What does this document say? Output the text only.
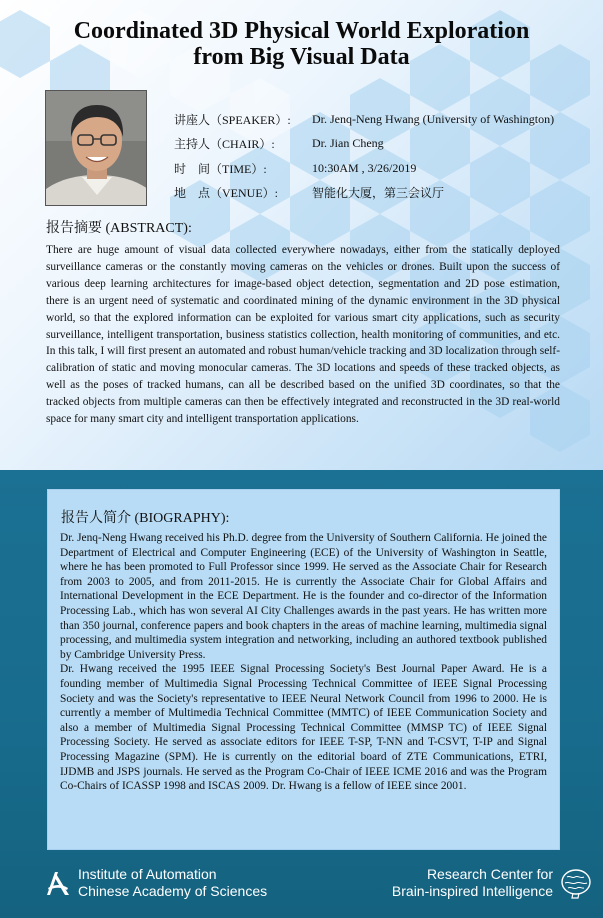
Coordinated 3D Physical World Exploration
from Big Visual Data
讲座人（SPEAKER）:	Dr. Jenq-Neng Hwang (University of Washington)
主持人（CHAIR）:	Dr. Jian Cheng
时　间（TIME）:	10:30AM , 3/26/2019
地　点（VENUE）:	智能化大厦，第三会议厅
报告摘要 (ABSTRACT):
There are huge amount of visual data collected everywhere nowadays, either from the statically deployed surveillance cameras or the constantly moving cameras on the vehicles or drones. Built upon the success of various deep learning architectures for image-based object detection, segmentation and 2D pose estimation, there is an urgent need of systematic and coordinated mining of the dynamic environment in the 3D physical world, so that the explored information can be exploited for various smart city applications, such as security surveillance, intelligent transportation, business statistics collection, health monitoring of communities, and etc. In this talk, I will first present an automated and robust human/vehicle tracking and 3D localization through self-calibration of static and moving monocular cameras. The 3D locations and speeds of these tracked objects, as well as the poses of tracked humans, can all be described based on the unified 3D coordinates, so that the tracked objects from multiple cameras can then be effectively integrated and reconstructed in the 3D real-world space for many smart city and intelligent transportation applications.
报告人简介 (BIOGRAPHY):

Dr. Jenq-Neng Hwang received his Ph.D. degree from the University of Southern California. He joined the Department of Electrical and Computer Engineering (ECE) of the University of Washington in Seattle, where he has been promoted to Full Professor since 1999. He served as the Associate Chair for Research from 2003 to 2005, and from 2011-2015. He is currently the Associate Chair for Global Affairs and International Development in the ECE Department. He is the founder and co-director of the Information Processing Lab., which has won several AI City Challenges awards in the past years. He has written more than 350 journal, conference papers and book chapters in the areas of machine learning, multimedia signal processing, and multimedia system integration and networking, including an authored textbook published by Cambridge University Press.

Dr. Hwang received the 1995 IEEE Signal Processing Society's Best Journal Paper Award. He is a founding member of Multimedia Signal Processing Technical Committee of IEEE Signal Processing Society and was the Society's representative to IEEE Neural Network Council from 1996 to 2000. He is currently a member of Multimedia Technical Committee (MMTC) of IEEE Communication Society and also a member of Multimedia Signal Processing Technical Committee (MMSP TC) of IEEE Signal Processing Society. He served as associate editors for IEEE T-SP, T-NN and T-CSVT, T-IP and Signal Processing Magazine (SPM). He is currently on the editorial board of ZTE Communications, ETRI, IJDMB and JSPS journals. He served as the Program Co-Chair of IEEE ICME 2016 and was the Program Co-Chairs of ICASSP 1998 and ISCAS 2009. Dr. Hwang is a fellow of IEEE since 2001.

Institute of Automation
Chinese Academy of Sciences
Research Center for
Brain-inspired Intelligence
